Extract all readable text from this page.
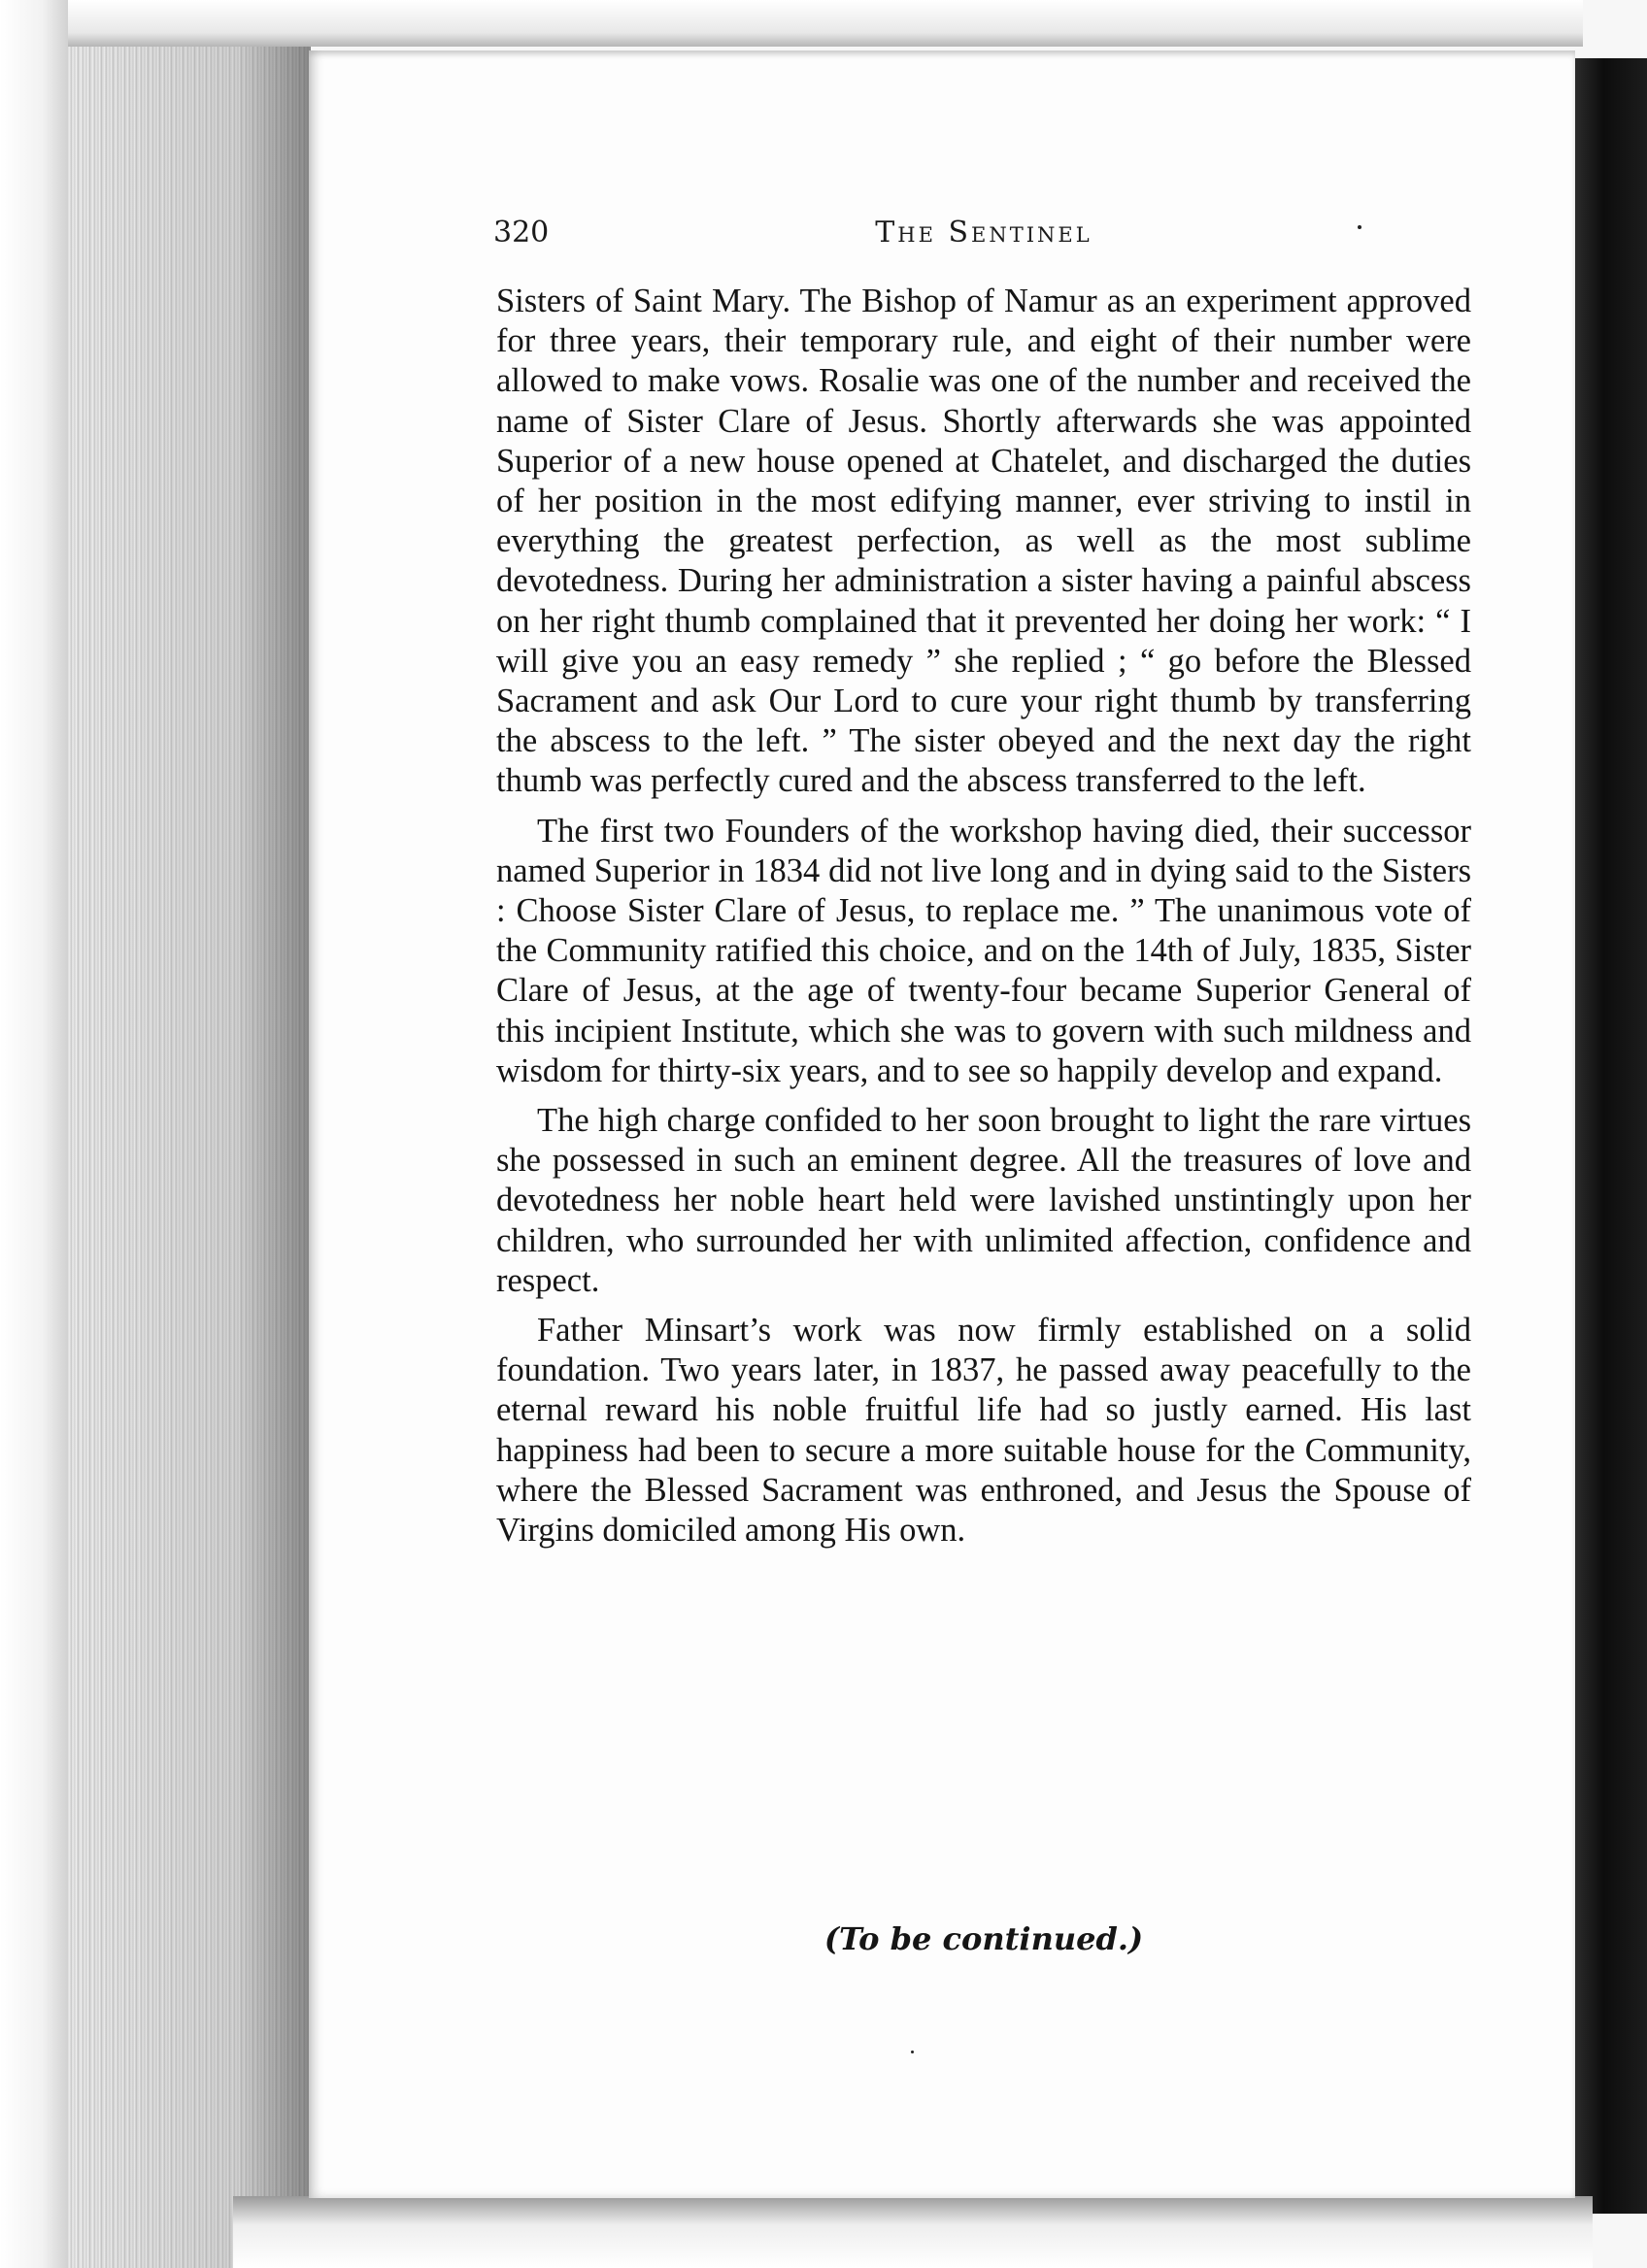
320	The Sentinel

Sisters of Saint Mary. The Bishop of Namur as an experiment approved for three years, their temporary rule, and eight of their number were allowed to make vows. Rosalie was one of the number and received the name of Sister Clare of Jesus. Shortly afterwards she was appointed Superior of a new house opened at Chatelet, and discharged the duties of her position in the most edifying manner, ever striving to instil in everything the greatest perfection, as well as the most sublime devotedness. During her administration a sister having a painful abscess on her right thumb complained that it prevented her doing her work: “ I will give you an easy remedy ” she replied ; “ go before the Blessed Sacrament and ask Our Lord to cure your right thumb by transferring the abscess to the left. ” The sister obeyed and the next day the right thumb was perfectly cured and the abscess transferred to the left.

The first two Founders of the workshop having died, their successor named Superior in 1834 did not live long and in dying said to the Sisters : Choose Sister Clare of Jesus, to replace me. ” The unanimous vote of the Community ratified this choice, and on the 14th of July, 1835, Sister Clare of Jesus, at the age of twenty-four became Superior General of this incipient Institute, which she was to govern with such mildness and wisdom for thirty-six years, and to see so happily develop and expand.

The high charge confided to her soon brought to light the rare virtues she possessed in such an eminent degree. All the treasures of love and devotedness her noble heart held were lavished unstintingly upon her children, who surrounded her with unlimited affection, confidence and respect.

Father Minsart’s work was now firmly established on a solid foundation. Two years later, in 1837, he passed away peacefully to the eternal reward his noble fruitful life had so justly earned. His last happiness had been to secure a more suitable house for the Community, where the Blessed Sacrament was enthroned, and Jesus the Spouse of Virgins domiciled among His own.

(To be continued.)
